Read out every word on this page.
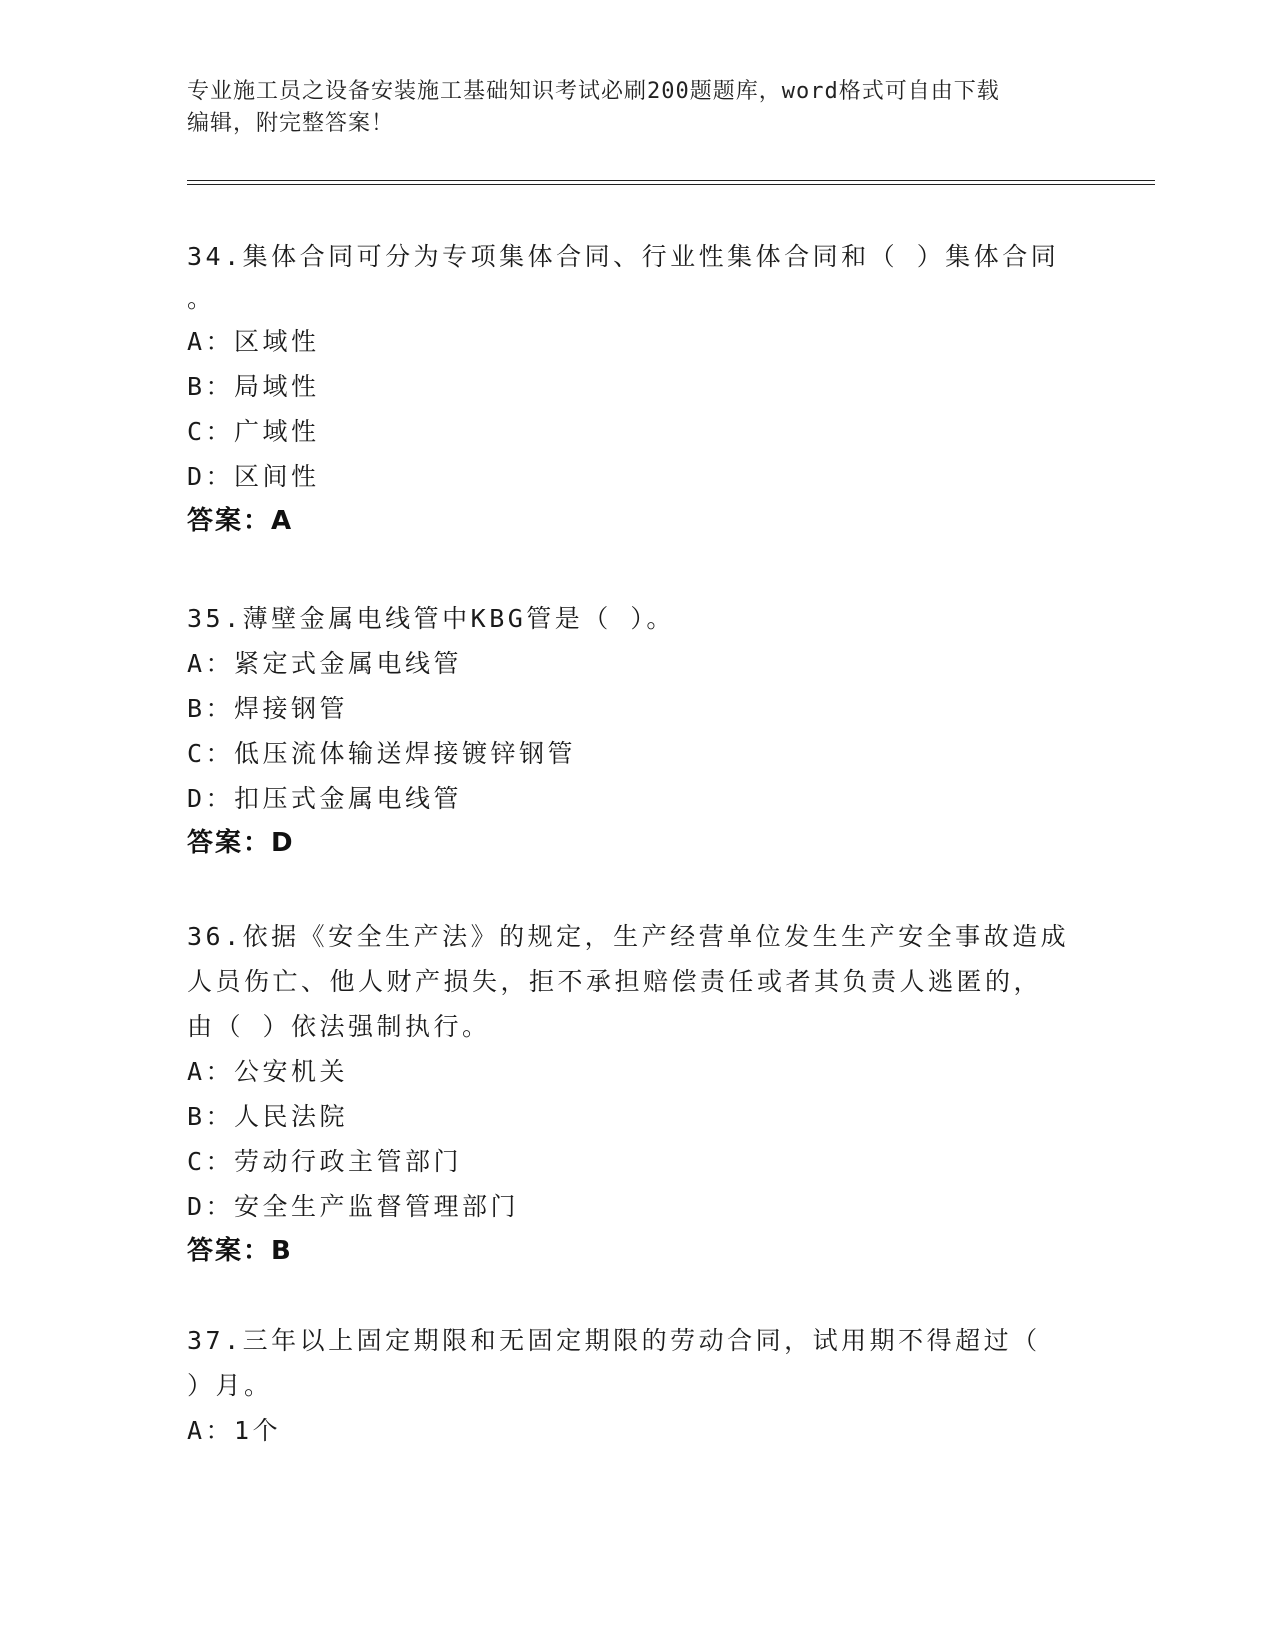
专业施工员之设备安装施工基础知识考试必刷200题题库，word格式可自由下载
编辑，附完整答案！

34.集体合同可分为专项集体合同、行业性集体合同和（ ）集体合同

。

A：区域性

B：局域性

C：广域性

D：区间性

答案：A

35.薄壁金属电线管中KBG管是（ ）。

A：紧定式金属电线管

B：焊接钢管

C：低压流体输送焊接镀锌钢管

D：扣压式金属电线管

答案：D

36.依据《安全生产法》的规定，生产经营单位发生生产安全事故造成

人员伤亡、他人财产损失，拒不承担赔偿责任或者其负责人逃匿的，

由（ ）依法强制执行。

A：公安机关

B：人民法院

C：劳动行政主管部门

D：安全生产监督管理部门

答案：B

37.三年以上固定期限和无固定期限的劳动合同，试用期不得超过（

）月。

A：1个
